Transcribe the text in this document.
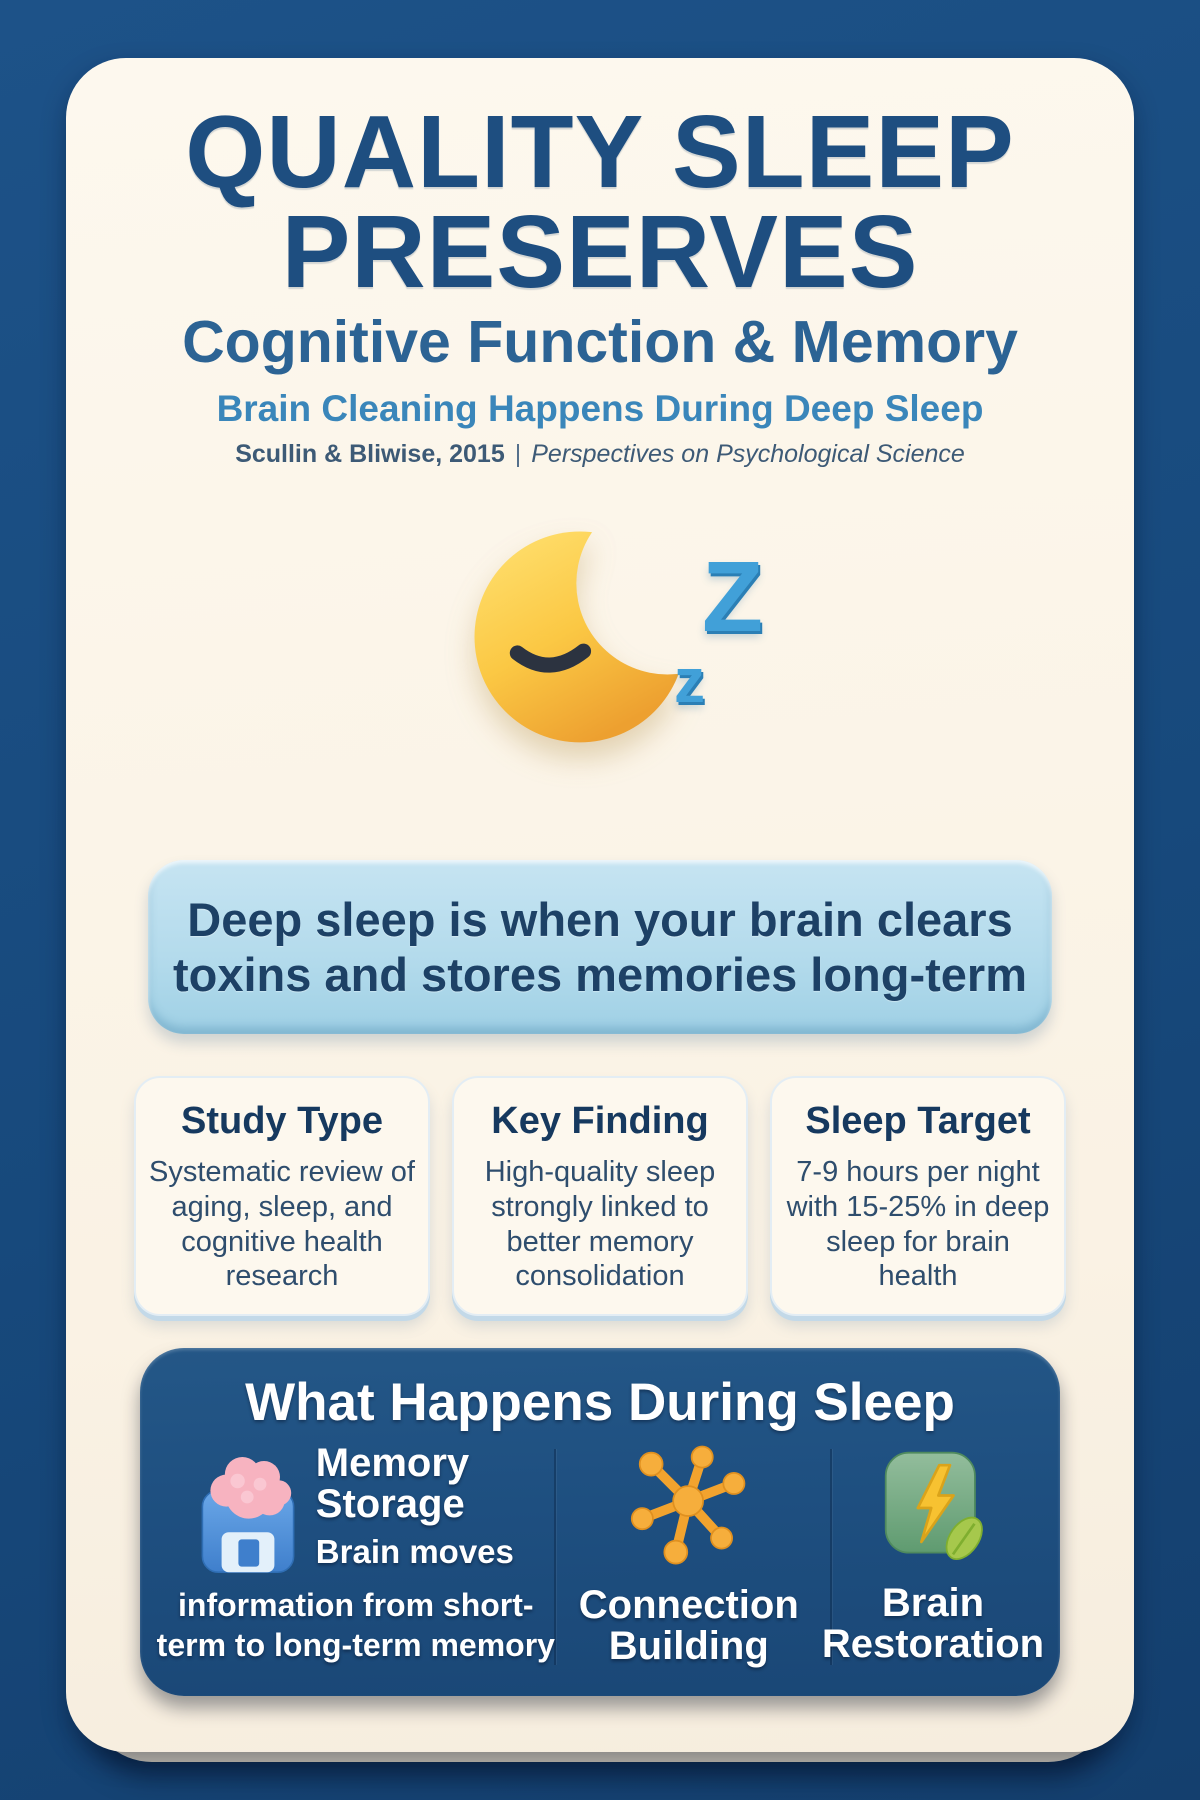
QUALITY SLEEP
PRESERVES
Cognitive Function & Memory
Brain Cleaning Happens During Deep Sleep
Scullin & Bliwise, 2015 | Perspectives on Psychological Science
Z
z
Deep sleep is when your brain clears
toxins and stores memories long-term
Study Type

Systematic review of aging, sleep, and cognitive health research

Key Finding

High-quality sleep strongly linked to better memory consolidation

Sleep Target

7-9 hours per night with 15-25% in deep sleep for brain health

What Happens During Sleep
Memory Storage
Brain moves
information from short-term to long-term memory
Connection Building
Brain Restoration
